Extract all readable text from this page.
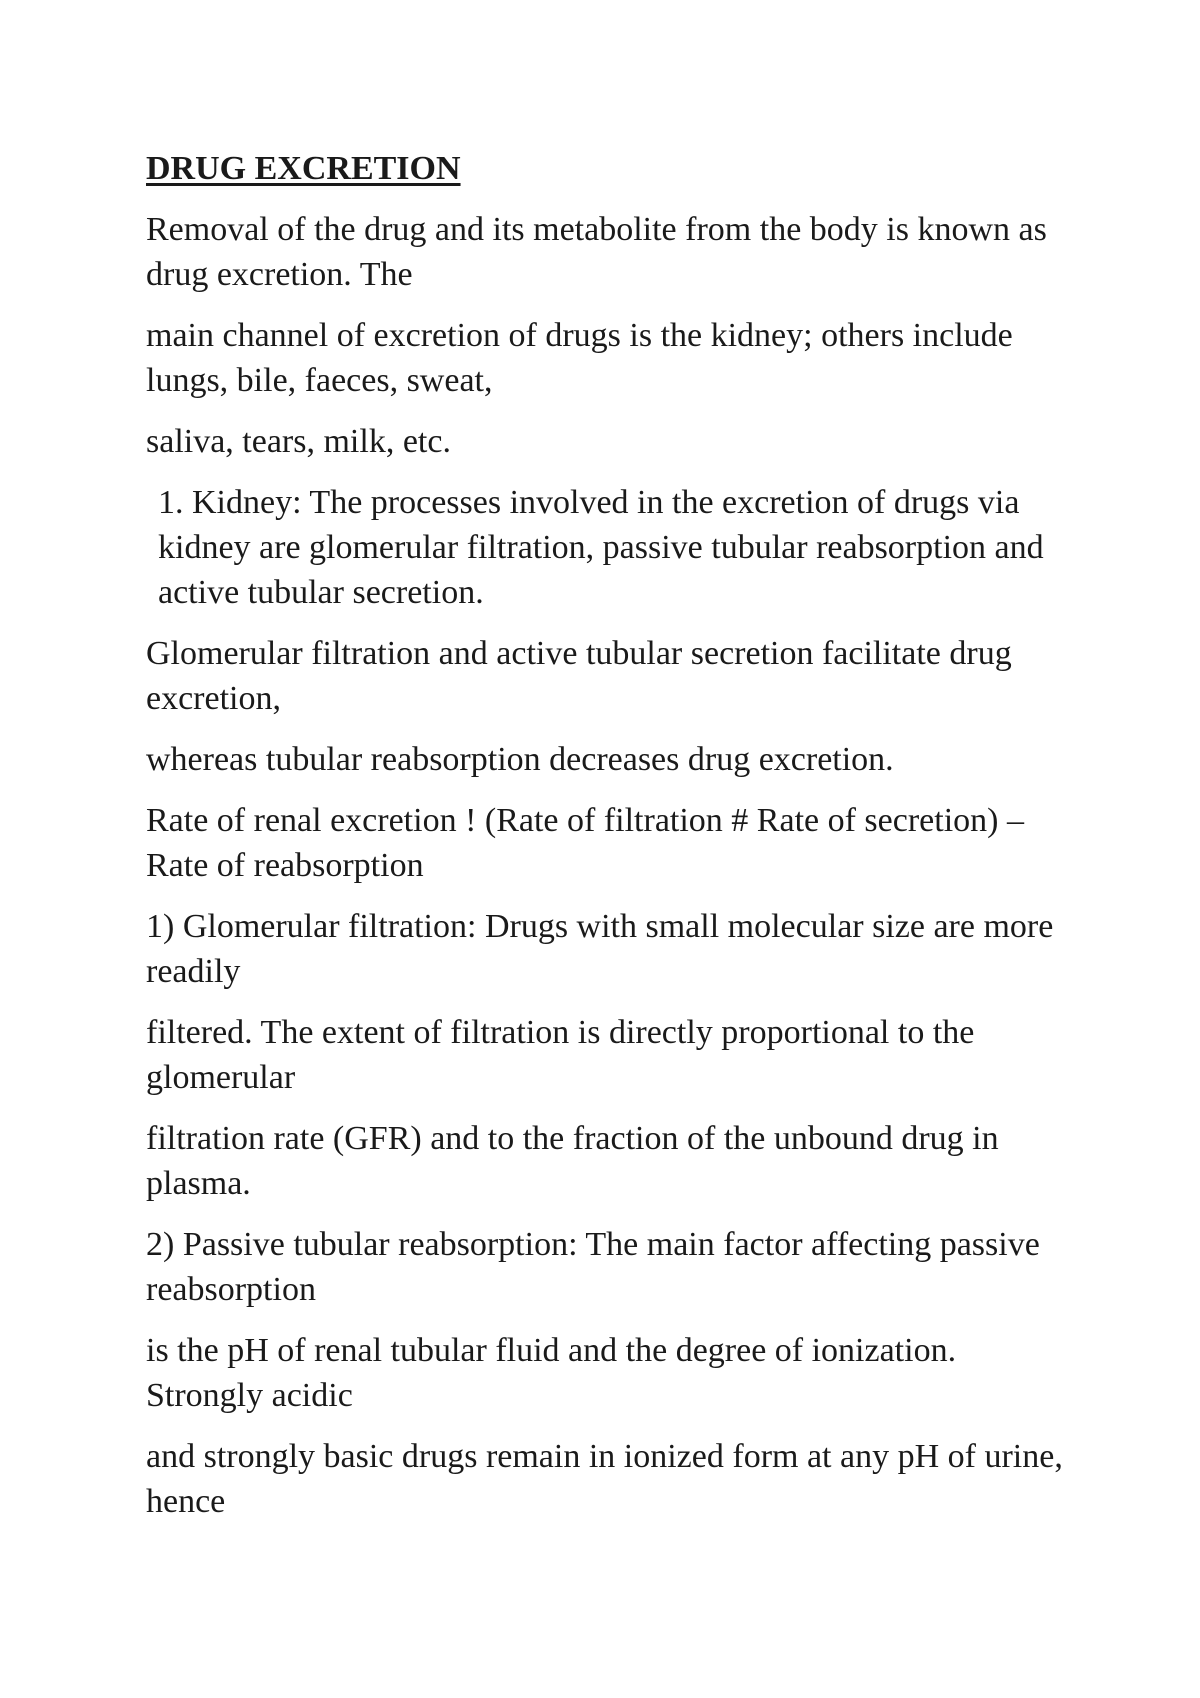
DRUG EXCRETION
Removal of the drug and its metabolite from the body is known as drug excretion. The
main channel of excretion of drugs is the kidney; others include lungs, bile, faeces, sweat,
saliva, tears, milk, etc.
1. Kidney: The processes involved in the excretion of drugs via kidney are glomerular filtration, passive tubular reabsorption and active tubular secretion.
Glomerular filtration and active tubular secretion facilitate drug excretion,
whereas tubular reabsorption decreases drug excretion.
Rate of renal excretion ! (Rate of filtration # Rate of secretion) – Rate of reabsorption
1) Glomerular filtration: Drugs with small molecular size are more readily
filtered. The extent of filtration is directly proportional to the glomerular
filtration rate (GFR) and to the fraction of the unbound drug in plasma.
2) Passive tubular reabsorption: The main factor affecting passive reabsorption
is the pH of renal tubular fluid and the degree of ionization. Strongly acidic
and strongly basic drugs remain in ionized form at any pH of urine, hence
